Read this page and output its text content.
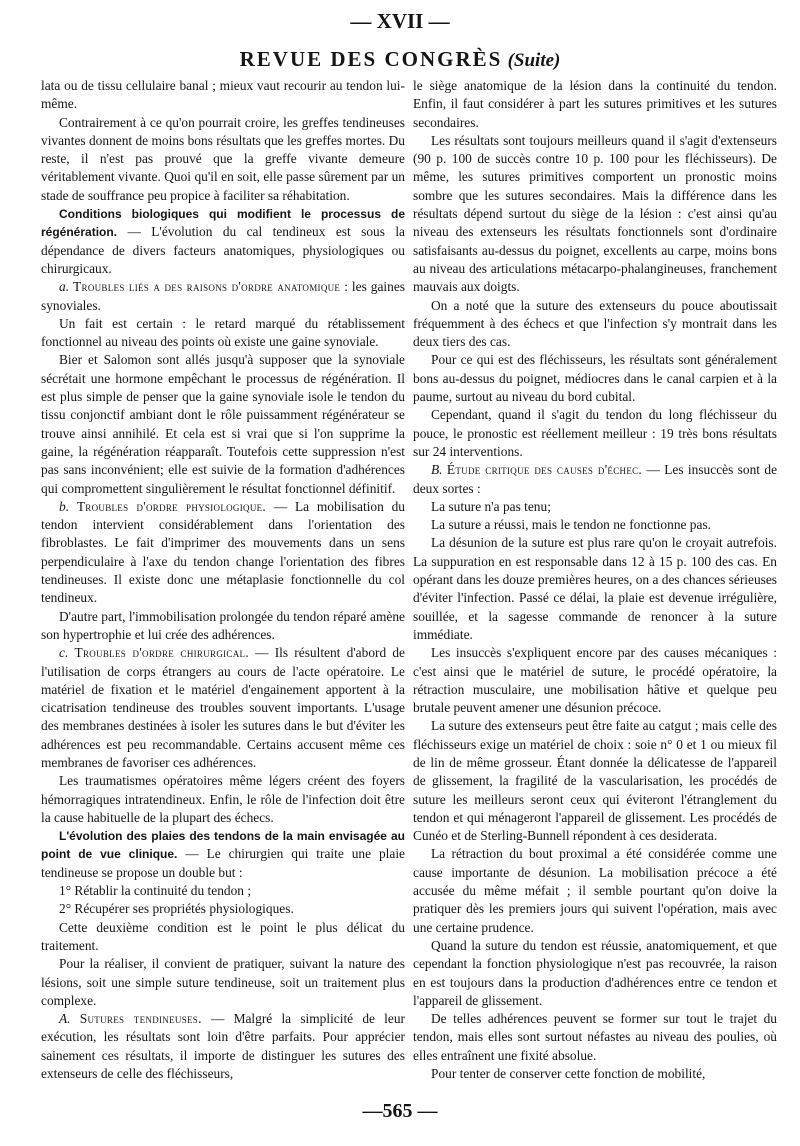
— XVII —
REVUE DES CONGRÈS (Suite)

lata ou de tissu cellulaire banal ; mieux vaut recourir au tendon lui-même.

Contrairement à ce qu'on pourrait croire, les greffes tendineuses vivantes donnent de moins bons résultats que les greffes mortes. Du reste, il n'est pas prouvé que la greffe vivante demeure véritablement vivante. Quoi qu'il en soit, elle passe sûrement par un stade de souffrance peu propice à faciliter sa réhabitation.

Conditions biologiques qui modifient le processus de régénération. — L'évolution du cal tendineux est sous la dépendance de divers facteurs anatomiques, physiologiques ou chirurgicaux.

a. Troubles liés a des raisons d'ordre anatomique : les gaines synoviales.

Un fait est certain : le retard marqué du rétablissement fonctionnel au niveau des points où existe une gaine synoviale.

Bier et Salomon sont allés jusqu'à supposer que la synoviale sécrétait une hormone empêchant le processus de régénération. Il est plus simple de penser que la gaine synoviale isole le tendon du tissu conjonctif ambiant dont le rôle puissamment régénérateur se trouve ainsi annihilé. Et cela est si vrai que si l'on supprime la gaine, la régénération réapparaît. Toutefois cette suppression n'est pas sans inconvénient; elle est suivie de la formation d'adhérences qui compromettent singulièrement le résultat fonctionnel définitif.

b. Troubles d'ordre physiologique. — La mobilisation du tendon intervient considérablement dans l'orientation des fibroblastes. Le fait d'imprimer des mouvements dans un sens perpendiculaire à l'axe du tendon change l'orientation des fibres tendineuses. Il existe donc une métaplasie fonctionnelle du col tendineux.

D'autre part, l'immobilisation prolongée du tendon réparé amène son hypertrophie et lui crée des adhérences.

c. Troubles d'ordre chirurgical. — Ils résultent d'abord de l'utilisation de corps étrangers au cours de l'acte opératoire. Le matériel de fixation et le matériel d'engainement apportent à la cicatrisation tendineuse des troubles souvent importants. L'usage des membranes destinées à isoler les sutures dans le but d'éviter les adhérences est peu recommandable. Certains accusent même ces membranes de favoriser ces adhérences.

Les traumatismes opératoires même légers créent des foyers hémorragiques intratendineux. Enfin, le rôle de l'infection doit être la cause habituelle de la plupart des échecs.

L'évolution des plaies des tendons de la main envisagée au point de vue clinique. — Le chirurgien qui traite une plaie tendineuse se propose un double but :

1° Rétablir la continuité du tendon ;

2° Récupérer ses propriétés physiologiques.

Cette deuxième condition est le point le plus délicat du traitement.

Pour la réaliser, il convient de pratiquer, suivant la nature des lésions, soit une simple suture tendineuse, soit un traitement plus complexe.

A. Sutures tendineuses. — Malgré la simplicité de leur exécution, les résultats sont loin d'être parfaits. Pour apprécier sainement ces résultats, il importe de distinguer les sutures des extenseurs de celle des fléchisseurs,

le siège anatomique de la lésion dans la continuité du tendon. Enfin, il faut considérer à part les sutures primitives et les sutures secondaires.

Les résultats sont toujours meilleurs quand il s'agit d'extenseurs (90 p. 100 de succès contre 10 p. 100 pour les fléchisseurs). De même, les sutures primitives comportent un pronostic moins sombre que les sutures secondaires. Mais la différence dans les résultats dépend surtout du siège de la lésion : c'est ainsi qu'au niveau des extenseurs les résultats fonctionnels sont d'ordinaire satisfaisants au-dessus du poignet, excellents au carpe, moins bons au niveau des articulations métacarpo-phalangineuses, franchement mauvais aux doigts.

On a noté que la suture des extenseurs du pouce aboutissait fréquemment à des échecs et que l'infection s'y montrait dans les deux tiers des cas.

Pour ce qui est des fléchisseurs, les résultats sont généralement bons au-dessus du poignet, médiocres dans le canal carpien et à la paume, surtout au niveau du bord cubital.

Cependant, quand il s'agit du tendon du long fléchisseur du pouce, le pronostic est réellement meilleur : 19 très bons résultats sur 24 interventions.

B. Étude critique des causes d'échec. — Les insuccès sont de deux sortes :

La suture n'a pas tenu;

La suture a réussi, mais le tendon ne fonctionne pas.

La désunion de la suture est plus rare qu'on le croyait autrefois. La suppuration en est responsable dans 12 à 15 p. 100 des cas. En opérant dans les douze premières heures, on a des chances sérieuses d'éviter l'infection. Passé ce délai, la plaie est devenue irrégulière, souillée, et la sagesse commande de renoncer à la suture immédiate.

Les insuccès s'expliquent encore par des causes mécaniques : c'est ainsi que le matériel de suture, le procédé opératoire, la rétraction musculaire, une mobilisation hâtive et quelque peu brutale peuvent amener une désunion précoce.

La suture des extenseurs peut être faite au catgut ; mais celle des fléchisseurs exige un matériel de choix : soie n° 0 et 1 ou mieux fil de lin de même grosseur. Étant donnée la délicatesse de l'appareil de glissement, la fragilité de la vascularisation, les procédés de suture les meilleurs seront ceux qui éviteront l'étranglement du tendon et qui ménageront l'appareil de glissement. Les procédés de Cunéo et de Sterling-Bunnell répondent à ces desiderata.

La rétraction du bout proximal a été considérée comme une cause importante de désunion. La mobilisation précoce a été accusée du même méfait ; il semble pourtant qu'on doive la pratiquer dès les premiers jours qui suivent l'opération, mais avec une certaine prudence.

Quand la suture du tendon est réussie, anatomiquement, et que cependant la fonction physiologique n'est pas recouvrée, la raison en est toujours dans la production d'adhérences entre ce tendon et l'appareil de glissement.

De telles adhérences peuvent se former sur tout le trajet du tendon, mais elles sont surtout néfastes au niveau des poulies, où elles entraînent une fixité absolue.

Pour tenter de conserver cette fonction de mobilité,

—565 —
